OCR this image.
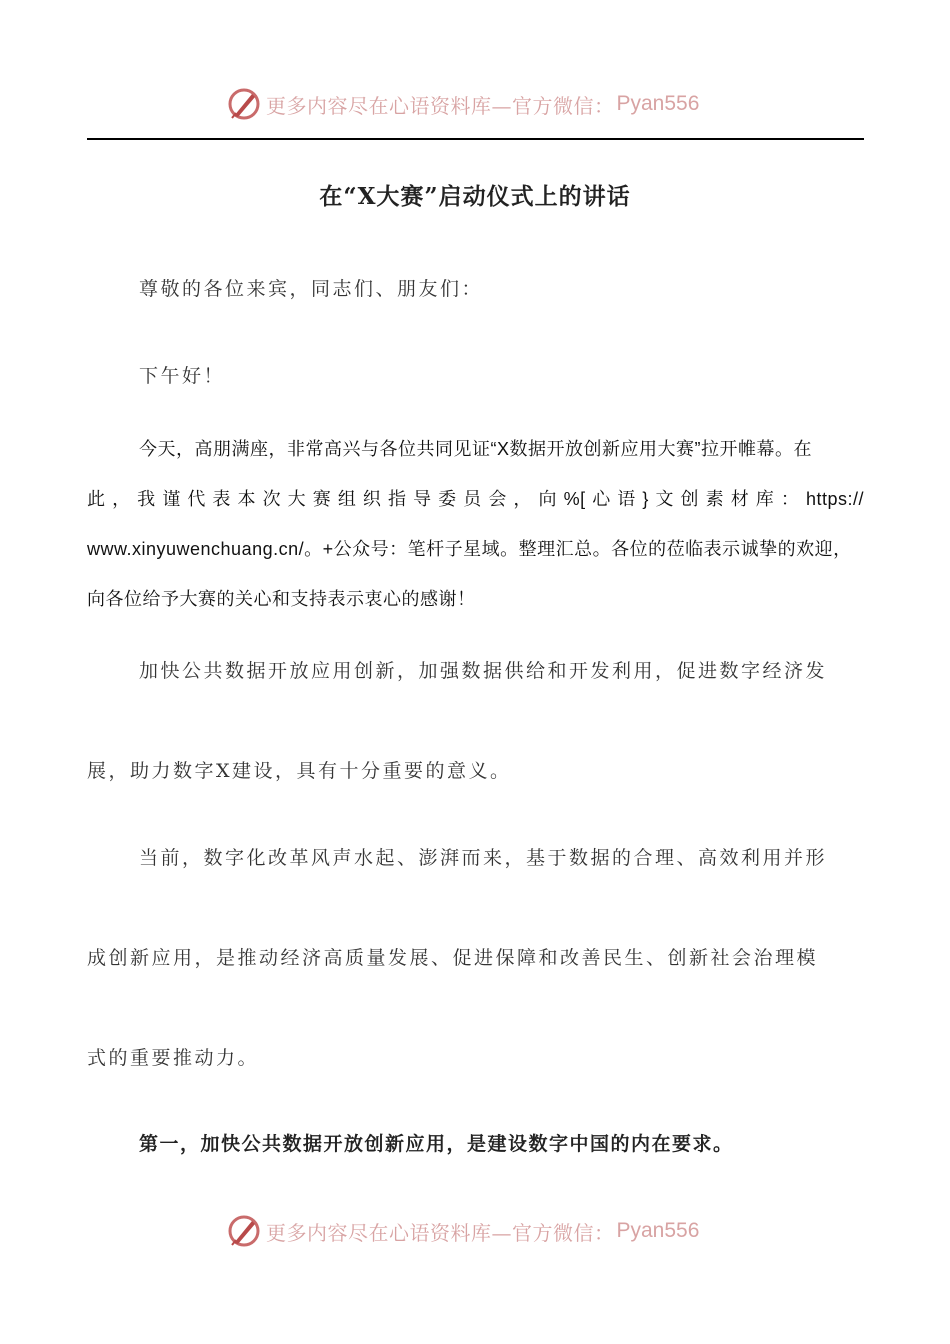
更多内容尽在心语资料库—官方微信： Pyan556
在“X大赛”启动仪式上的讲话
尊敬的各位来宾，同志们、朋友们：
下午好！
今天，高朋满座，非常高兴与各位共同见证“X数据开放创新应用大赛”拉开帷幕。在
此，我谨代表本次大赛组织指导委员会，向%[心语}文创素材库：https://
www.xinyuwenchuang.cn/。+公众号：笔杆子星域。整理汇总。各位的莅临表示诚挚的欢迎，
向各位给予大赛的关心和支持表示衷心的感谢！
加快公共数据开放应用创新，加强数据供给和开发利用，促进数字经济发
展，助力数字X建设，具有十分重要的意义。
当前，数字化改革风声水起、澎湃而来，基于数据的合理、高效利用并形
成创新应用，是推动经济高质量发展、促进保障和改善民生、创新社会治理模
式的重要推动力。
第一，加快公共数据开放创新应用，是建设数字中国的内在要求。
更多内容尽在心语资料库—官方微信： Pyan556
